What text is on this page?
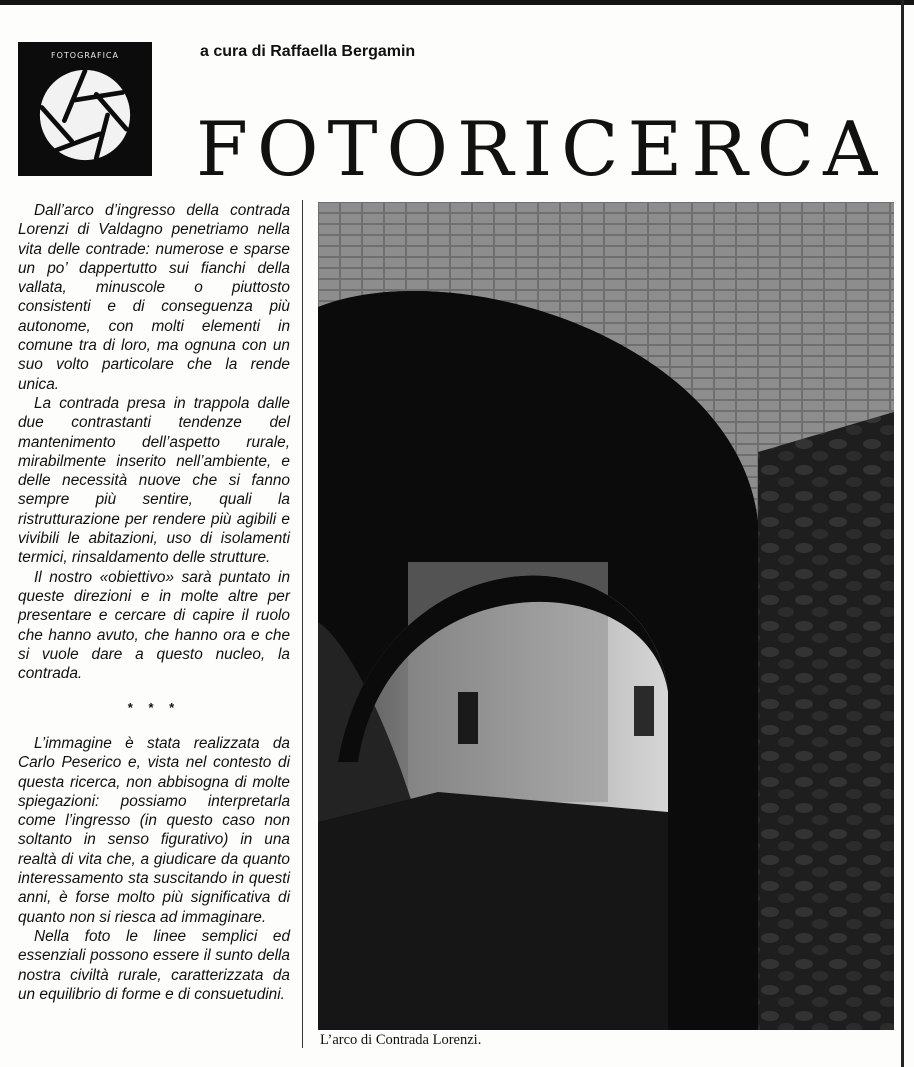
FOTOGRAFICA	a cura di Raffaella Bergamin
FOTORICERCA

Dall’arco d’ingresso della contrada Lorenzi di Valdagno penetriamo nella vita delle contrade: numerose e sparse un po’ dappertutto sui fianchi della vallata, minuscole o piuttosto consistenti e di conseguenza più autonome, con molti elementi in comune tra di loro, ma ognuna con un suo volto particolare che la rende unica.

La contrada presa in trappola dalle due contrastanti tendenze del mantenimento dell’aspetto rurale, mirabilmente inserito nell’ambiente, e delle necessità nuove che si fanno sempre più sentire, quali la ristrutturazione per rendere più agibili e vivibili le abitazioni, uso di isolamenti termici, rinsaldamento delle strutture.

Il nostro «obiettivo» sarà puntato in queste direzioni e in molte altre per presentare e cercare di capire il ruolo che hanno avuto, che hanno ora e che si vuole dare a questo nucleo, la contrada.

* * *

L’immagine è stata realizzata da Carlo Peserico e, vista nel contesto di questa ricerca, non abbisogna di molte spiegazioni: possiamo interpretarla come l’ingresso (in questo caso non soltanto in senso figurativo) in una realtà di vita che, a giudicare da quanto interessamento sta suscitando in questi anni, è forse molto più significativa di quanto non si riesca ad immaginare.

Nella foto le linee semplici ed essenziali possono essere il sunto della nostra civiltà rurale, caratterizzata da un equilibrio di forme e di consuetudini.

L’arco di Contrada Lorenzi.
